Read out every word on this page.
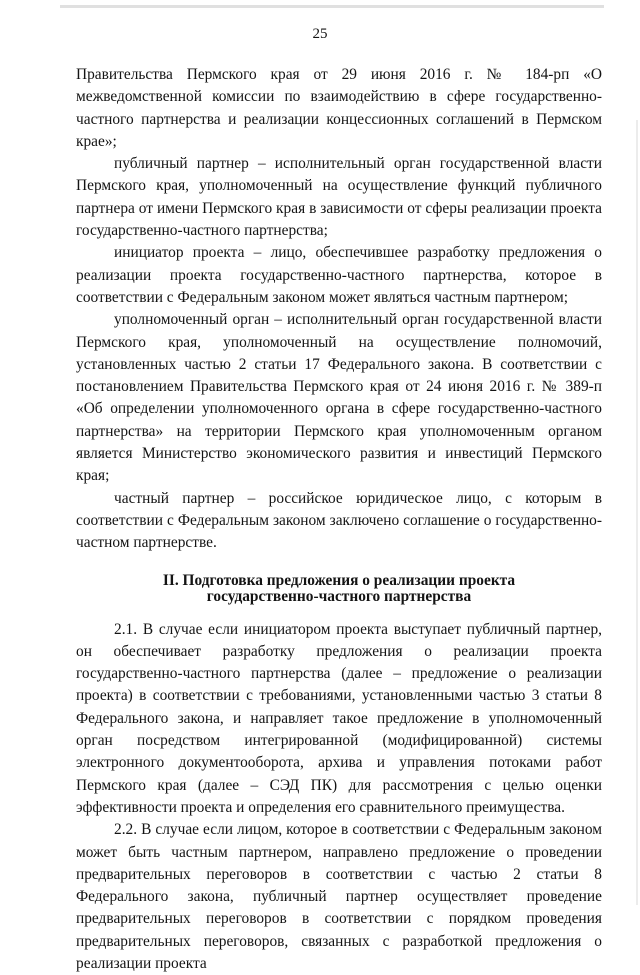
25

Правительства Пермского края от 29 июня 2016 г. № 184-рп «О межведомственной комиссии по взаимодействию в сфере государственно-частного партнерства и реализации концессионных соглашений в Пермском крае»;

публичный партнер – исполнительный орган государственной власти Пермского края, уполномоченный на осуществление функций публичного партнера от имени Пермского края в зависимости от сферы реализации проекта государственно-частного партнерства;

инициатор проекта – лицо, обеспечившее разработку предложения о реализации проекта государственно-частного партнерства, которое в соответствии с Федеральным законом может являться частным партнером;

уполномоченный орган – исполнительный орган государственной власти Пермского края, уполномоченный на осуществление полномочий, установленных частью 2 статьи 17 Федерального закона. В соответствии с постановлением Правительства Пермского края от 24 июня 2016 г. № 389-п «Об определении уполномоченного органа в сфере государственно-частного партнерства» на территории Пермского края уполномоченным органом является Министерство экономического развития и инвестиций Пермского края;

частный партнер – российское юридическое лицо, с которым в соответствии с Федеральным законом заключено соглашение о государственно-частном партнерстве.

II. Подготовка предложения о реализации проекта
государственно-частного партнерства

2.1. В случае если инициатором проекта выступает публичный партнер, он обеспечивает разработку предложения о реализации проекта государственно-частного партнерства (далее – предложение о реализации проекта) в соответствии с требованиями, установленными частью 3 статьи 8 Федерального закона, и направляет такое предложение в уполномоченный орган посредством интегрированной (модифицированной) системы электронного документооборота, архива и управления потоками работ Пермского края (далее – СЭД ПК) для рассмотрения с целью оценки эффективности проекта и определения его сравнительного преимущества.

2.2. В случае если лицом, которое в соответствии с Федеральным законом может быть частным партнером, направлено предложение о проведении предварительных переговоров в соответствии с частью 2 статьи 8 Федерального закона, публичный партнер осуществляет проведение предварительных переговоров в соответствии с порядком проведения предварительных переговоров, связанных с разработкой предложения о реализации проекта
